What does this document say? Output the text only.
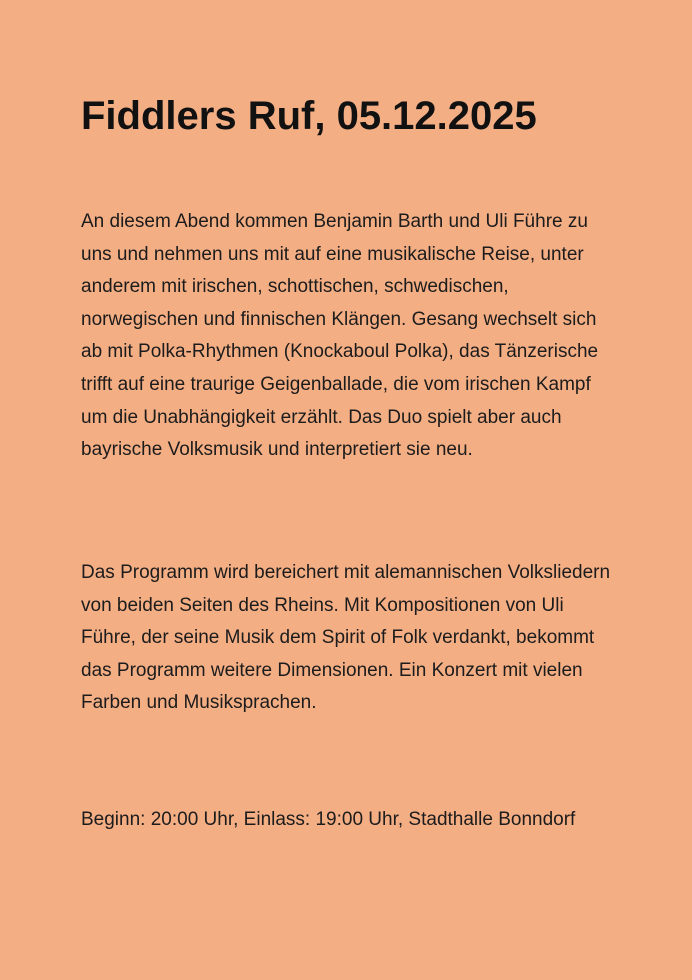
Fiddlers Ruf, 05.12.2025

An diesem Abend kommen Benjamin Barth und Uli Führe zu uns und nehmen uns mit auf eine musikalische Reise, unter anderem mit irischen, schottischen, schwedischen, norwegischen und finnischen Klängen. Gesang wechselt sich ab mit Polka-Rhythmen (Knockaboul Polka), das Tänzerische trifft auf eine traurige Geigenballade, die vom irischen Kampf um die Unabhängigkeit erzählt. Das Duo spielt aber auch bayrische Volksmusik und interpretiert sie neu.

Das Programm wird bereichert mit alemannischen Volksliedern von beiden Seiten des Rheins. Mit Kompositionen von Uli Führe, der seine Musik dem Spirit of Folk verdankt, bekommt das Programm weitere Dimensionen. Ein Konzert mit vielen Farben und Musiksprachen.

Beginn: 20:00 Uhr, Einlass: 19:00 Uhr, Stadthalle Bonndorf
